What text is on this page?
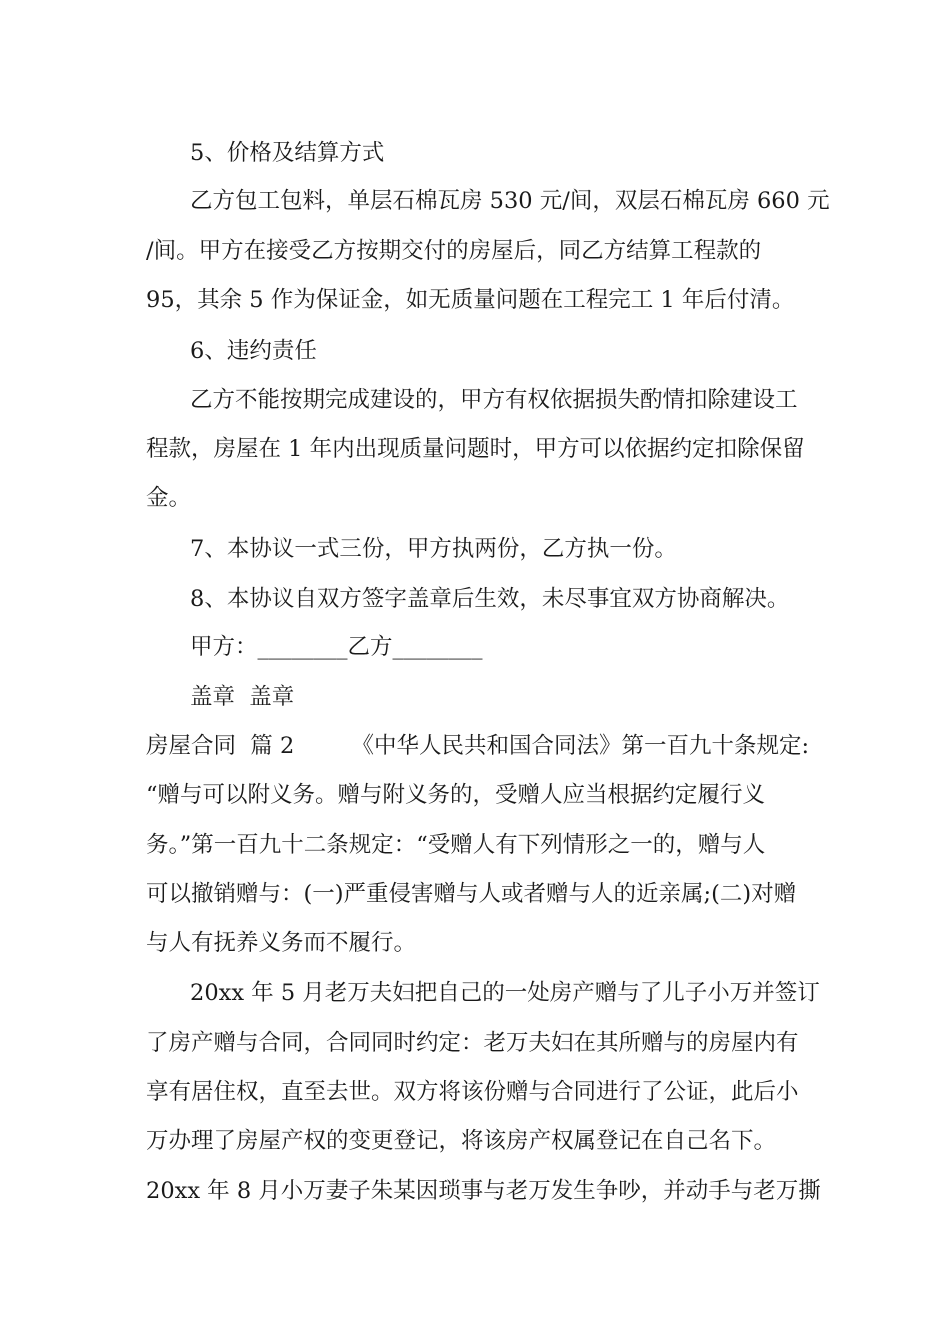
5、价格及结算方式
乙方包工包料，单层石棉瓦房 530 元/间，双层石棉瓦房 660 元
/间。甲方在接受乙方按期交付的房屋后，同乙方结算工程款的
95，其余 5 作为保证金，如无质量问题在工程完工 1 年后付清。
6、违约责任
乙方不能按期完成建设的，甲方有权依据损失酌情扣除建设工
程款，房屋在 1 年内出现质量问题时，甲方可以依据约定扣除保留
金。
7、本协议一式三份，甲方执两份，乙方执一份。
8、本协议自双方签字盖章后生效，未尽事宜双方协商解决。
甲方：________乙方________
盖章  盖章
房屋合同  篇 2        《中华人民共和国合同法》第一百九十条规定:
“赠与可以附义务。赠与附义务的，受赠人应当根据约定履行义
务。”第一百九十二条规定：“受赠人有下列情形之一的，赠与人
可以撤销赠与：(一)严重侵害赠与人或者赠与人的近亲属;(二)对赠
与人有抚养义务而不履行。
20xx 年 5 月老万夫妇把自己的一处房产赠与了儿子小万并签订
了房产赠与合同，合同同时约定：老万夫妇在其所赠与的房屋内有
享有居住权，直至去世。双方将该份赠与合同进行了公证，此后小
万办理了房屋产权的变更登记，将该房产权属登记在自己名下。
20xx 年 8 月小万妻子朱某因琐事与老万发生争吵，并动手与老万撕
